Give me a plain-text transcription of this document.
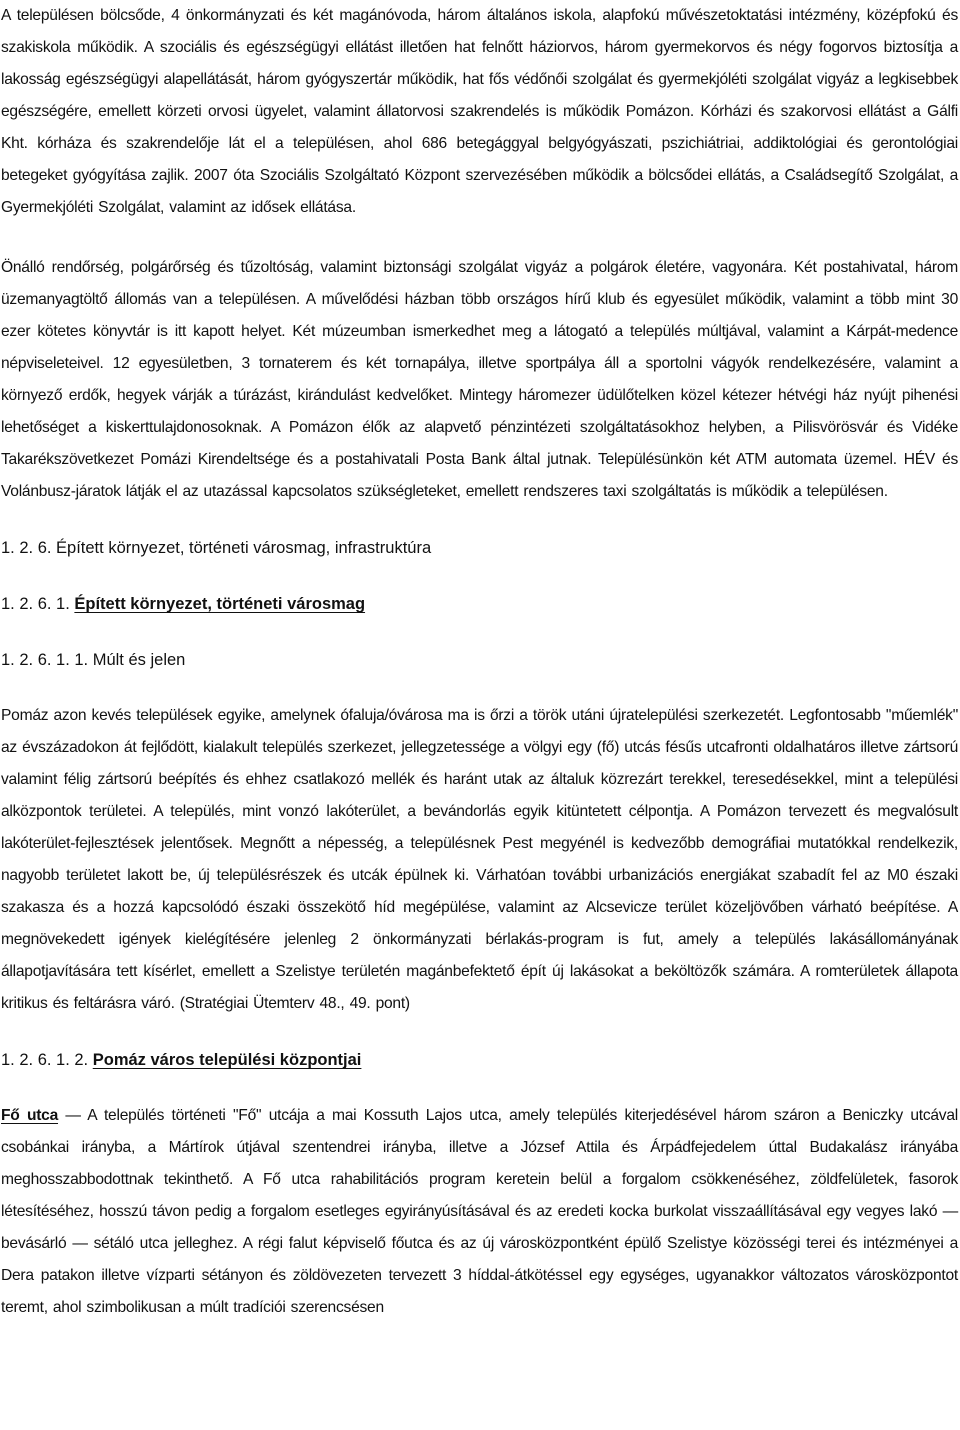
A településen bölcsőde, 4 önkormányzati és két magánóvoda, három általános iskola, alapfokú művészetoktatási intézmény, középfokú és szakiskola működik. A szociális és egészségügyi ellátást illetően hat felnőtt háziorvos, három gyermekorvos és négy fogorvos biztosítja a lakosság egészségügyi alapellátását, három gyógyszertár működik, hat fős védőnői szolgálat és gyermekjóléti szolgálat vigyáz a legkisebbek egészségére, emellett körzeti orvosi ügyelet, valamint állatorvosi szakrendelés is működik Pomázon. Kórházi és szakorvosi ellátást a Gálfi Kht. kórháza és szakrendelője lát el a településen, ahol 686 betegággyal belgyógyászati, pszichiátriai, addiktológiai és gerontológiai betegeket gyógyítása zajlik. 2007 óta Szociális Szolgáltató Központ szervezésében működik a bölcsődei ellátás, a Családsegítő Szolgálat, a Gyermekjóléti Szolgálat, valamint az idősek ellátása.

Önálló rendőrség, polgárőrség és tűzoltóság, valamint biztonsági szolgálat vigyáz a polgárok életére, vagyonára. Két postahivatal, három üzemanyagtöltő állomás van a településen. A művelődési házban több országos hírű klub és egyesület működik, valamint a több mint 30 ezer kötetes könyvtár is itt kapott helyet. Két múzeumban ismerkedhet meg a látogató a település múltjával, valamint a Kárpát-medence népviseleteivel. 12 egyesületben, 3 tornaterem és két tornapálya, illetve sportpálya áll a sportolni vágyók rendelkezésére, valamint a környező erdők, hegyek várják a túrázást, kirándulást kedvelőket. Mintegy háromezer üdülőtelken közel kétezer hétvégi ház nyújt pihenési lehetőséget a kiskerttulajdonosoknak. A Pomázon élők az alapvető pénzintézeti szolgáltatásokhoz helyben, a Pilisvörösvár és Vidéke Takarékszövetkezet Pomázi Kirendeltsége és a postahivatali Posta Bank által jutnak. Településünkön két ATM automata üzemel. HÉV és Volánbusz-járatok látják el az utazással kapcsolatos szükségleteket, emellett rendszeres taxi szolgáltatás is működik a településen.

1. 2. 6. Épített környezet, történeti városmag, infrastruktúra

1. 2. 6. 1. Épített környezet, történeti városmag

1. 2. 6. 1. 1. Múlt és jelen

Pomáz azon kevés települések egyike, amelynek ófaluja/óvárosa ma is őrzi a török utáni újratelepülési szerkezetét. Legfontosabb "műemlék" az évszázadokon át fejlődött, kialakult település szerkezet, jellegzetessége a völgyi egy (fő) utcás fésűs utcafronti oldalhatáros illetve zártsorú valamint félig zártsorú beépítés és ehhez csatlakozó mellék és haránt utak az általuk közrezárt terekkel, teresedésekkel, mint a települési alközpontok területei. A település, mint vonzó lakóterület, a bevándorlás egyik kitüntetett célpontja. A Pomázon tervezett és megvalósult lakóterület-fejlesztések jelentősek. Megnőtt a népesség, a településnek Pest megyénél is kedvezőbb demográfiai mutatókkal rendelkezik, nagyobb területet lakott be, új településrészek és utcák épülnek ki. Várhatóan további urbanizációs energiákat szabadít fel az M0 északi szakasza és a hozzá kapcsolódó északi összekötő híd megépülése, valamint az Alcsevicze terület közeljövőben várható beépítése. A megnövekedett igények kielégítésére jelenleg 2 önkormányzati bérlakás-program is fut, amely a település lakásállományának állapotjavítására tett kísérlet, emellett a Szelistye területén magánbefektető épít új lakásokat a beköltözők számára. A romterületek állapota kritikus és feltárásra váró. (Stratégiai Ütemterv 48., 49. pont)

1. 2. 6. 1. 2. Pomáz város települési központjai

Fő utca — A település történeti "Fő" utcája a mai Kossuth Lajos utca, amely település kiterjedésével három száron a Beniczky utcával csobánkai irányba, a Mártírok útjával szentendrei irányba, illetve a József Attila és Árpádfejedelem úttal Budakalász irányába meghosszabbodottnak tekinthető. A Fő utca rahabilitációs program keretein belül a forgalom csökkenéséhez, zöldfelületek, fasorok létesítéséhez, hosszú távon pedig a forgalom esetleges egyirányúsításával és az eredeti kocka burkolat visszaállításával egy vegyes lakó — bevásárló — sétáló utca jelleghez. A régi falut képviselő főutca és az új városközpontként épülő Szelistye közösségi terei és intézményei a Dera patakon illetve vízparti sétányon és zöldövezeten tervezett 3 híddal-átkötéssel egy egységes, ugyanakkor változatos városközpontot teremt, ahol szimbolikusan a múlt tradíciói szerencsésen
